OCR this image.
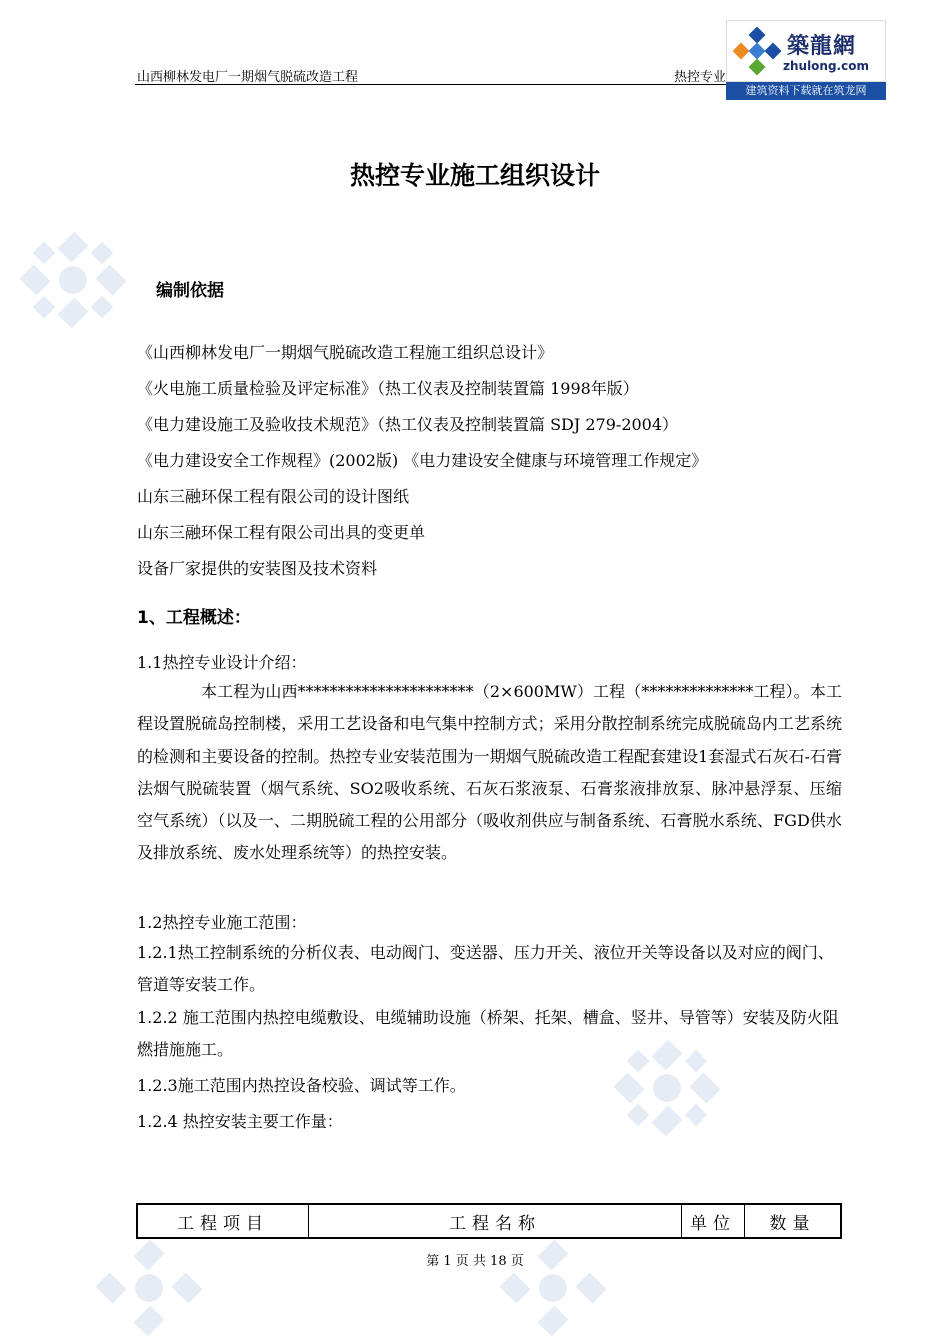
山西柳林发电厂一期烟气脱硫改造工程	热控专业
築龍網
zhulong.com
建筑资料下载就在筑龙网
热控专业施工组织设计
编制依据
《山西柳林发电厂一期烟气脱硫改造工程施工组织总设计》
《火电施工质量检验及评定标准》（热工仪表及控制装置篇 1998年版）
《电力建设施工及验收技术规范》（热工仪表及控制装置篇 SDJ 279-2004）
《电力建设安全工作规程》(2002版) 《电力建设安全健康与环境管理工作规定》
山东三融环保工程有限公司的设计图纸
山东三融环保工程有限公司出具的变更单
设备厂家提供的安装图及技术资料
1、工程概述：
1.1热控专业设计介绍：
本工程为山西**********************（2×600MW）工程（**************工程）。本工程设置脱硫岛控制楼，采用工艺设备和电气集中控制方式；采用分散控制系统完成脱硫岛内工艺系统的检测和主要设备的控制。热控专业安装范围为一期烟气脱硫改造工程配套建设1套湿式石灰石-石膏法烟气脱硫装置（烟气系统、SO2吸收系统、石灰石浆液泵、石膏浆液排放泵、脉冲悬浮泵、压缩空气系统）（以及一、二期脱硫工程的公用部分（吸收剂供应与制备系统、石膏脱水系统、FGD供水及排放系统、废水处理系统等）的热控安装。
1.2热控专业施工范围：
1.2.1热工控制系统的分析仪表、电动阀门、变送器、压力开关、液位开关等设备以及对应的阀门、管道等安装工作。
1.2.2 施工范围内热控电缆敷设、电缆辅助设施（桥架、托架、槽盒、竖井、导管等）安装及防火阻燃措施施工。
1.2.3施工范围内热控设备校验、调试等工作。
1.2.4 热控安装主要工作量：
工程项目	工程名称	单位	数量
第 1 页 共 18 页
